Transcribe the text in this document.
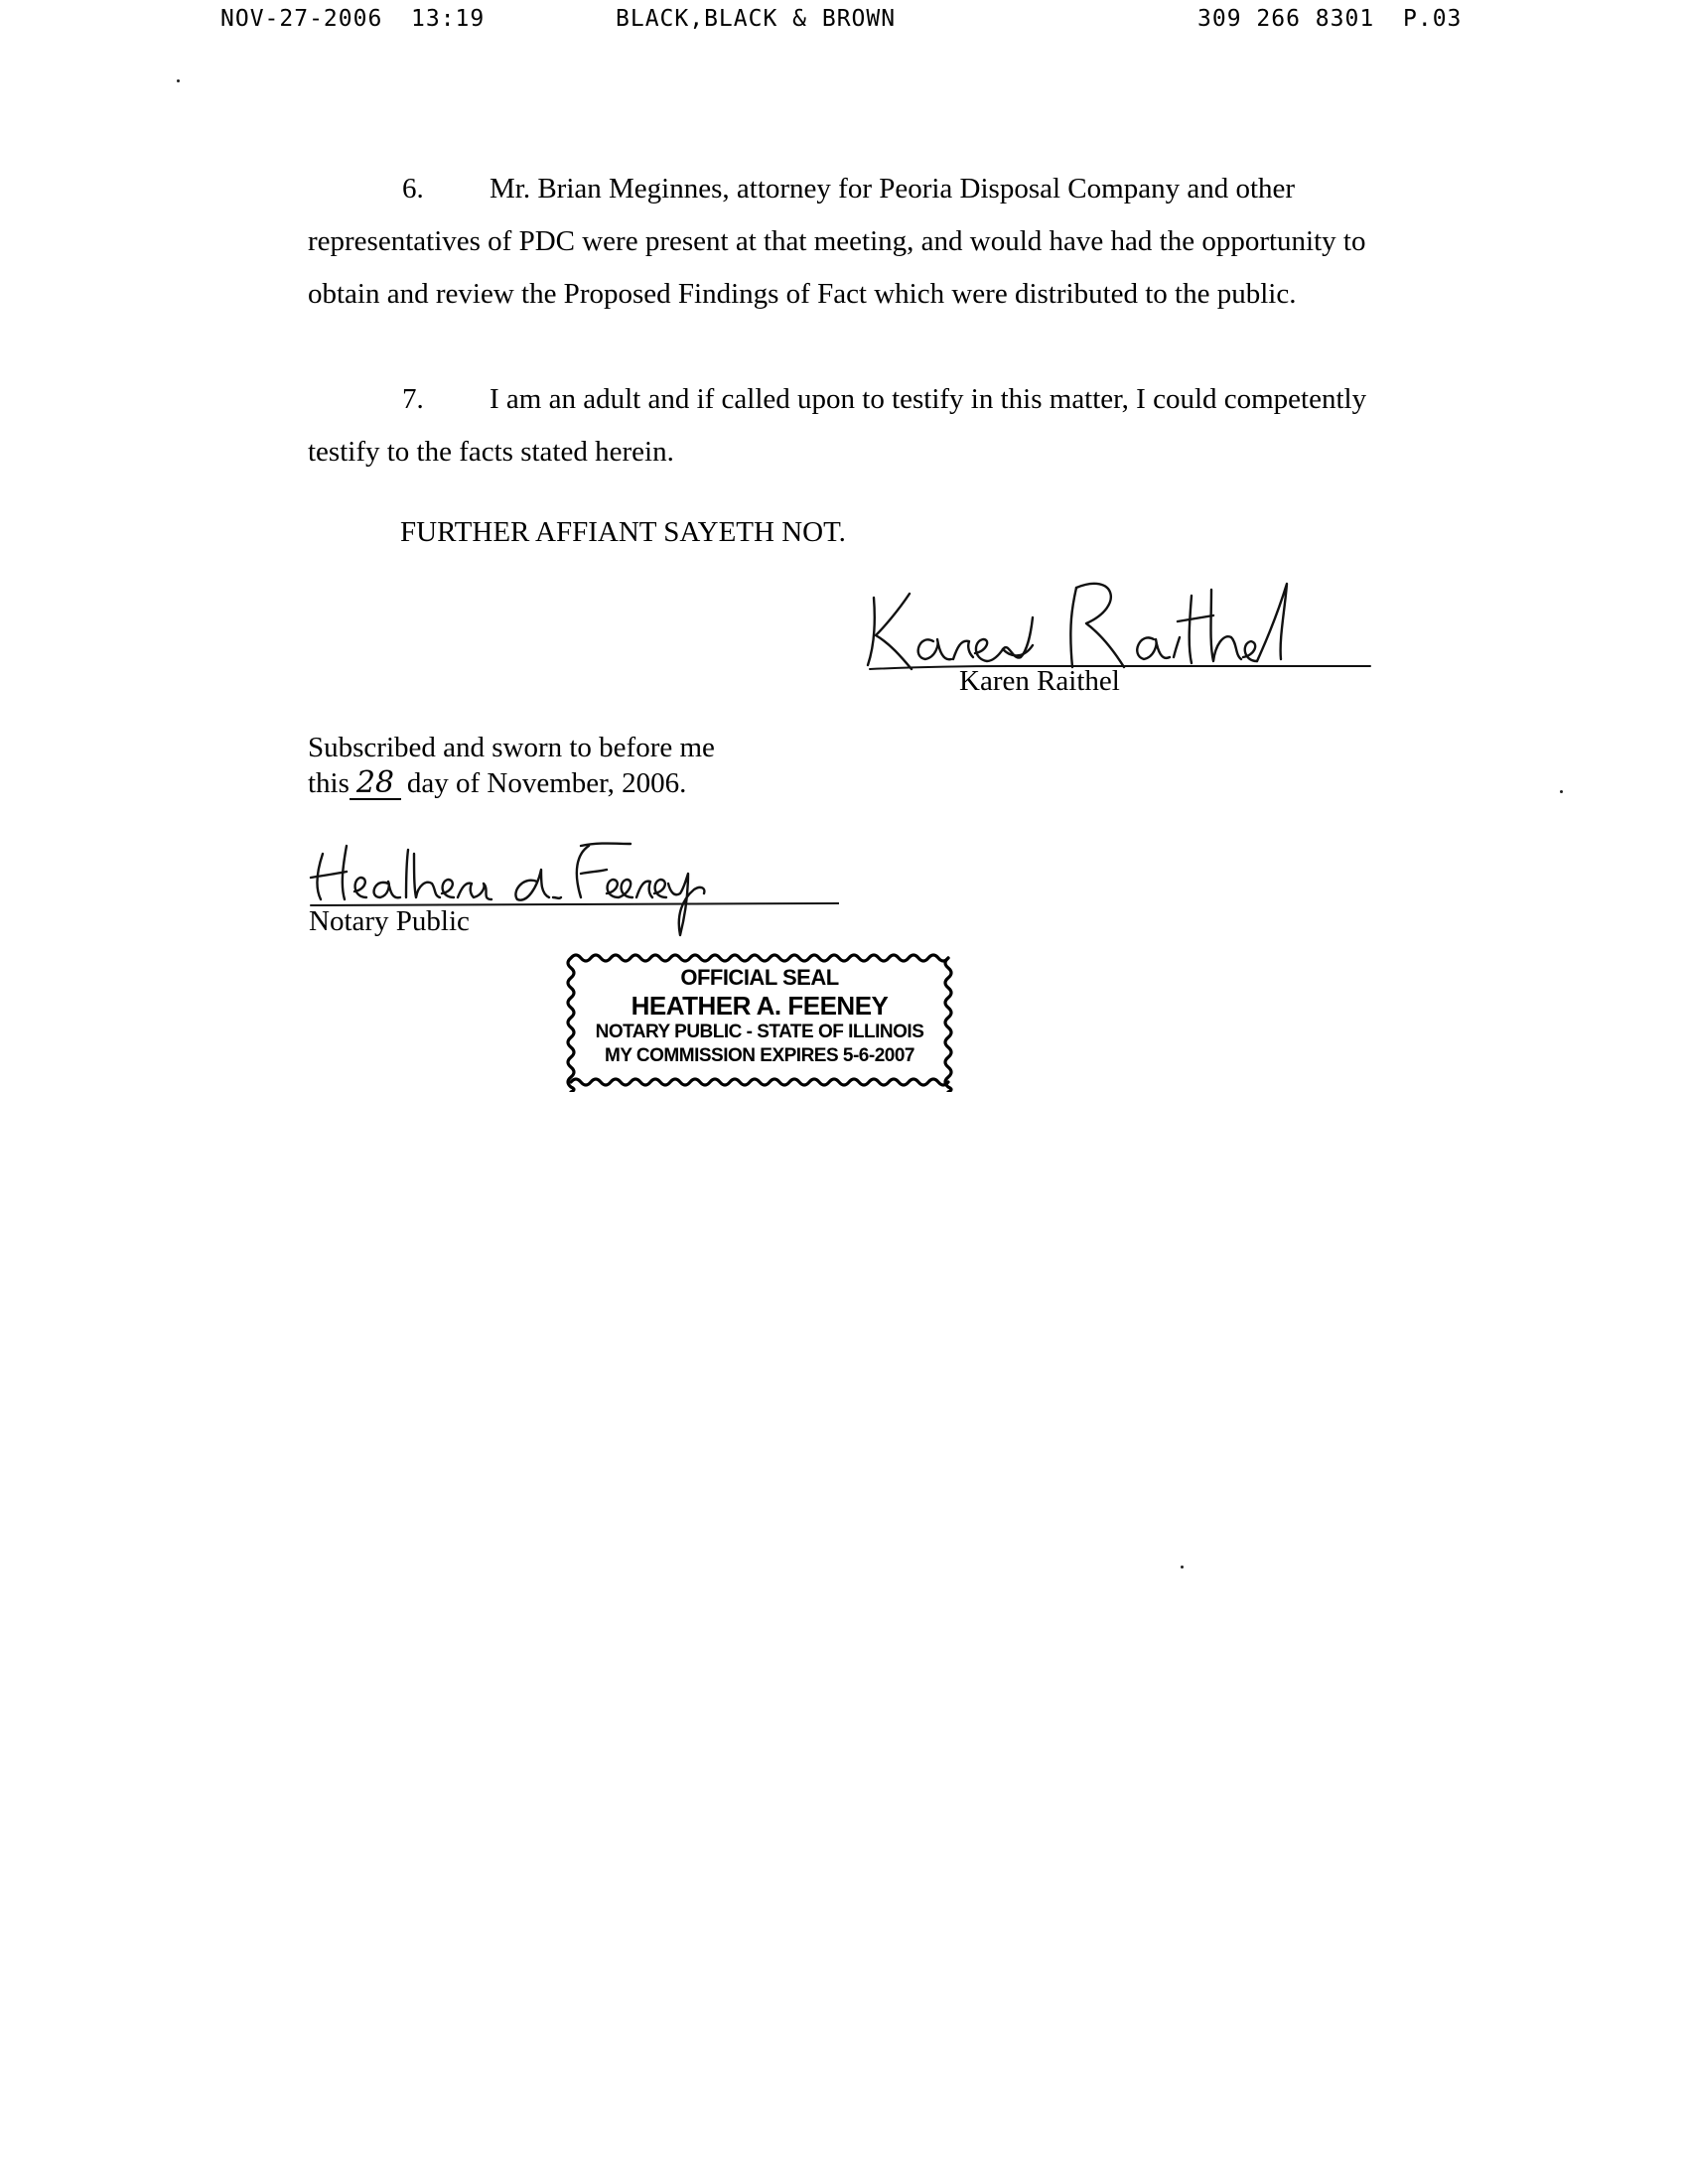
NOV-27-2006 13:19	BLACK,BLACK & BROWN	309 266 8301 P.03

6. Mr. Brian Meginnes, attorney for Peoria Disposal Company and other representatives of PDC were present at that meeting, and would have had the opportunity to obtain and review the Proposed Findings of Fact which were distributed to the public.

7. I am an adult and if called upon to testify in this matter, I could competently testify to the facts stated herein.

FURTHER AFFIANT SAYETH NOT.
Karen Raithel
Subscribed and sworn to before me
this 28 day of November, 2006.
Notary Public
OFFICIAL SEAL
HEATHER A. FEENEY
NOTARY PUBLIC - STATE OF ILLINOIS
MY COMMISSION EXPIRES 5-6-2007
